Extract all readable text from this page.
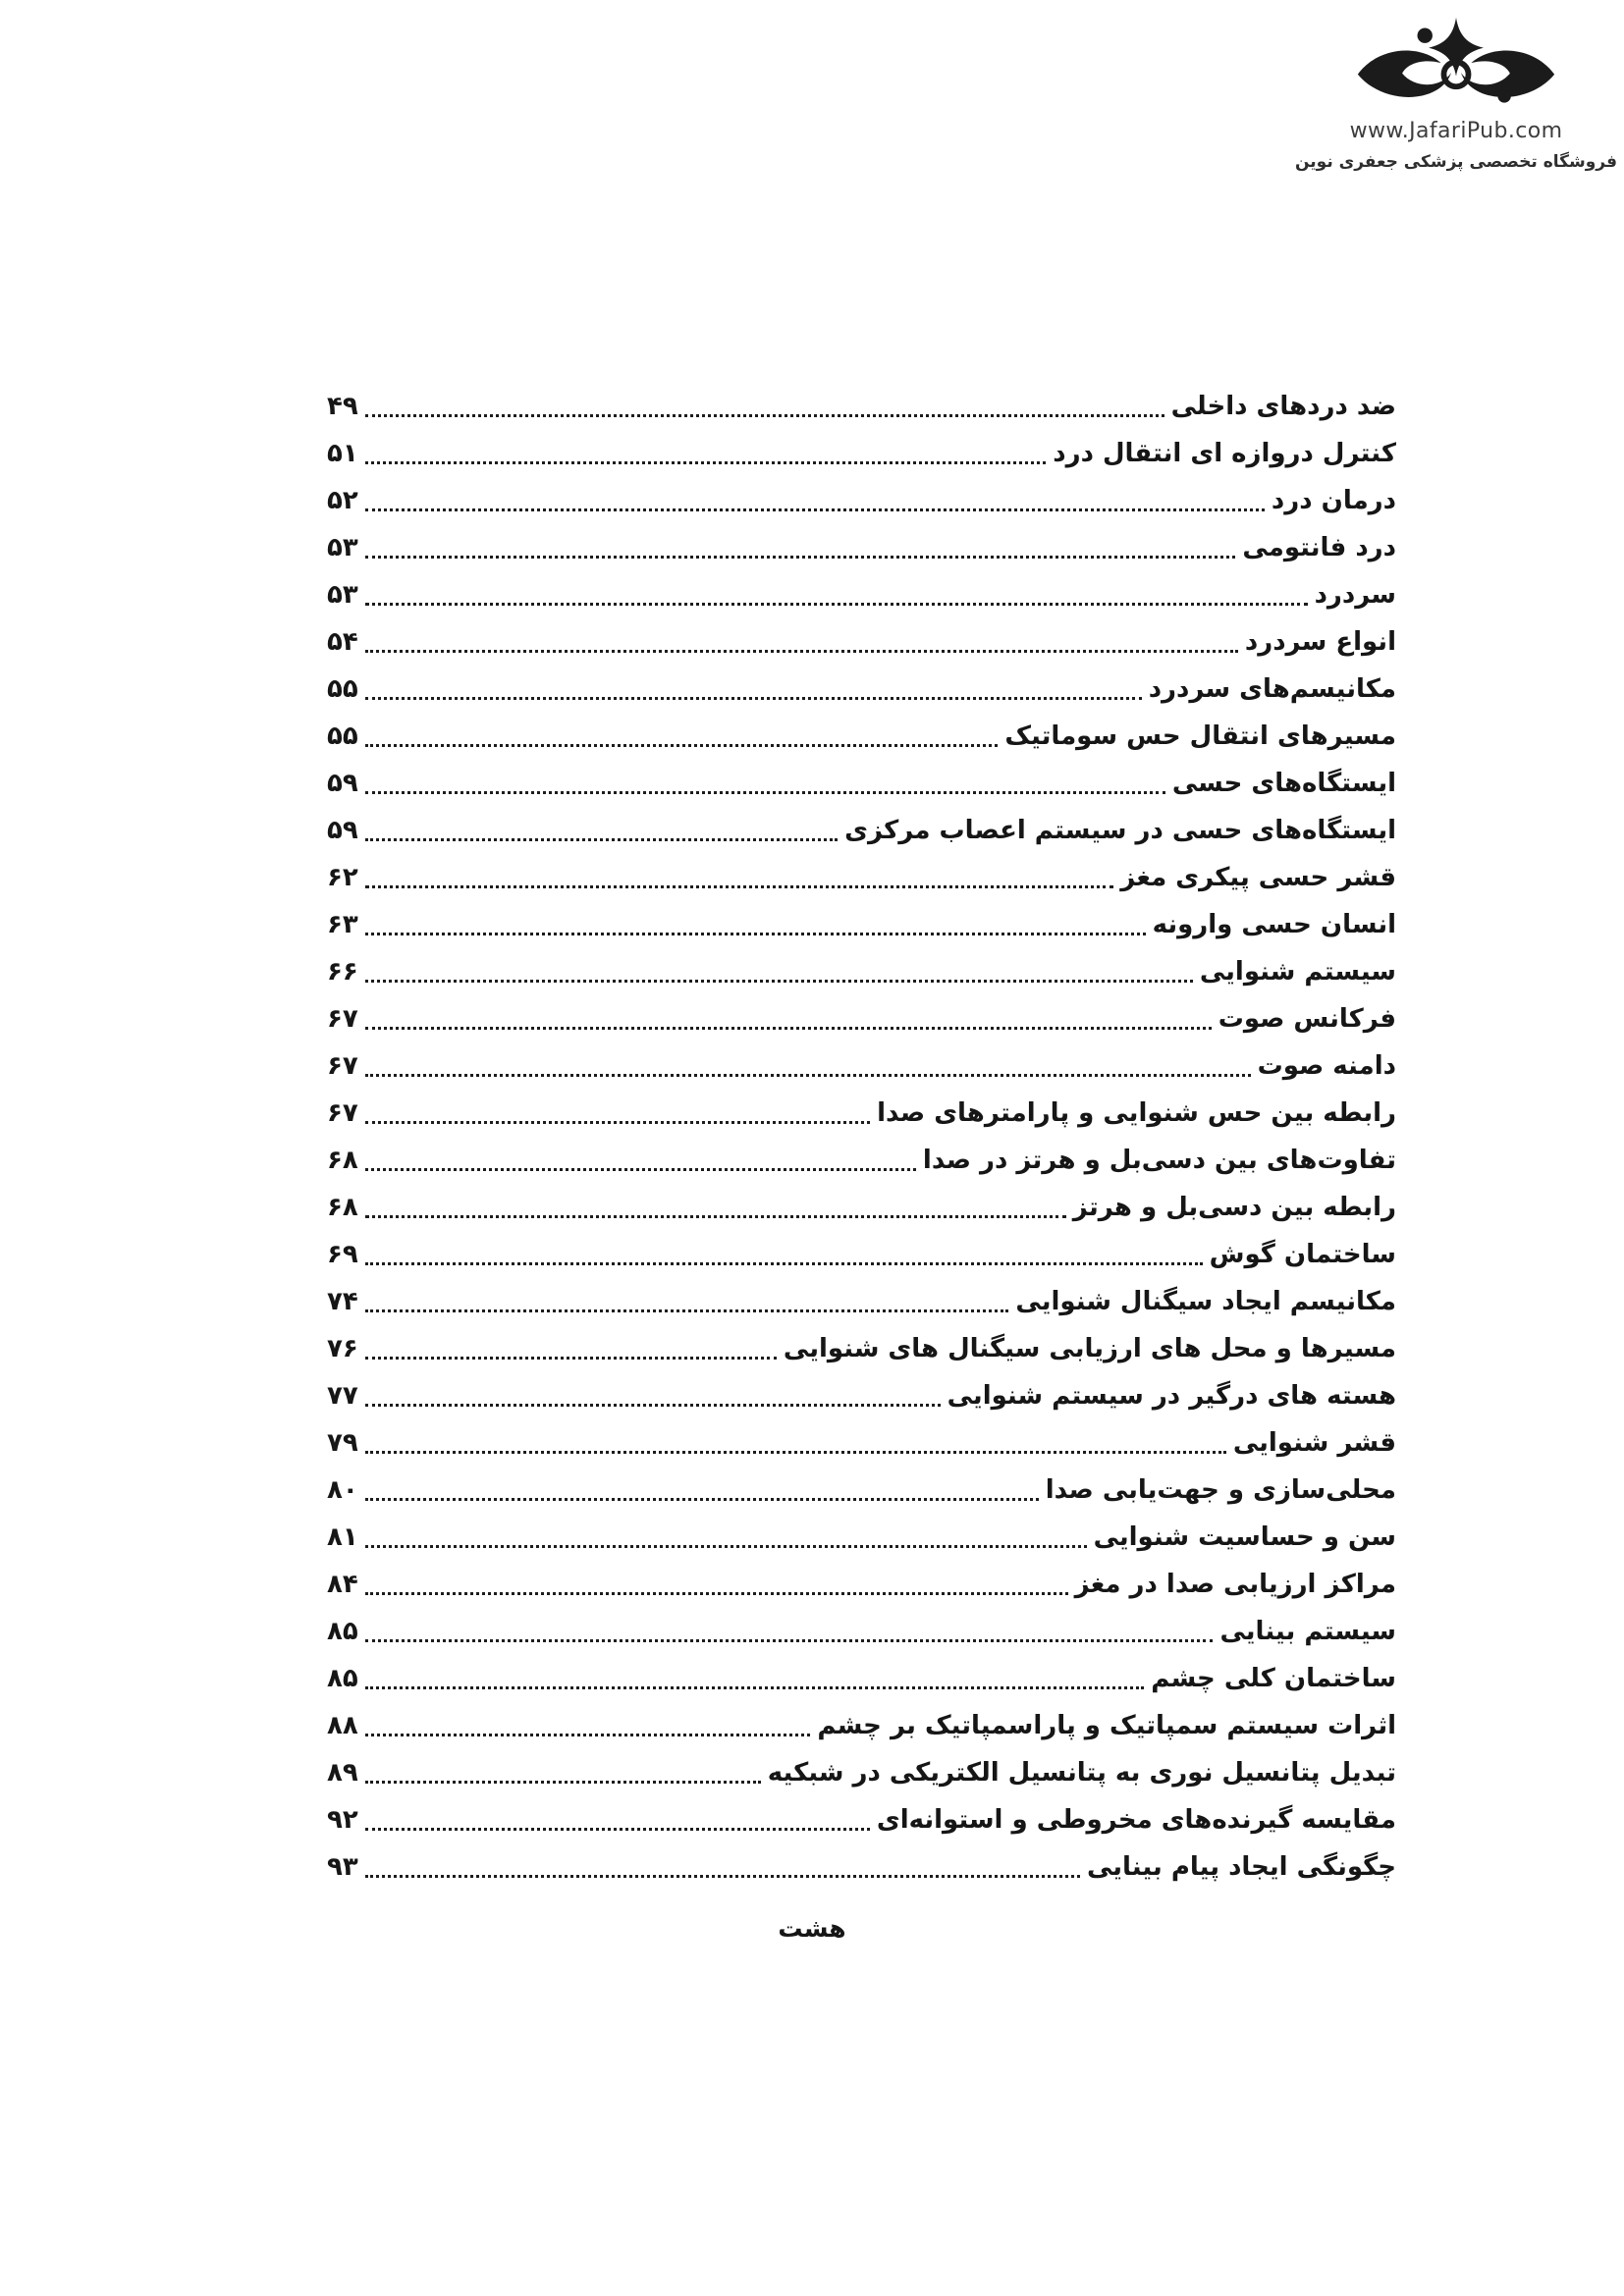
www.JafariPub.com
فروشگاه تخصصی پزشکی جعفری نوین
ضد دردهای داخلی
۴۹
کنترل دروازه ای انتقال درد
۵۱
درمان درد
۵۲
درد فانتومی
۵۳
سردرد
۵۳
انواع سردرد
۵۴
مکانیسم‌های سردرد
۵۵
مسیرهای انتقال حس سوماتیک
۵۵
ایستگاه‌های حسی
۵۹
ایستگاه‌های حسی در سیستم اعصاب مرکزی
۵۹
قشر حسی پیکری مغز
۶۲
انسان حسی وارونه
۶۳
سیستم شنوایی
۶۶
فرکانس صوت
۶۷
دامنه صوت
۶۷
رابطه بین حس شنوایی و پارامترهای صدا
۶۷
تفاوت‌های بین دسی‌بل و هرتز در صدا
۶۸
رابطه بین دسی‌بل و هرتز
۶۸
ساختمان گوش
۶۹
مکانیسم ایجاد سیگنال شنوایی
۷۴
مسیرها و محل های ارزیابی سیگنال های شنوایی
۷۶
هسته های درگیر در سیستم شنوایی
۷۷
قشر شنوایی
۷۹
محلی‌سازی و جهت‌یابی صدا
۸۰
سن و حساسیت شنوایی
۸۱
مراکز ارزیابی صدا در مغز
۸۴
سیستم بینایی
۸۵
ساختمان کلی چشم
۸۵
اثرات سیستم سمپاتیک و پاراسمپاتیک بر چشم
۸۸
تبدیل پتانسیل نوری به پتانسیل الکتریکی در شبکیه
۸۹
مقایسه گیرنده‌های مخروطی و استوانه‌ای
۹۲
چگونگی ایجاد پیام بینایی
۹۳
هشت
